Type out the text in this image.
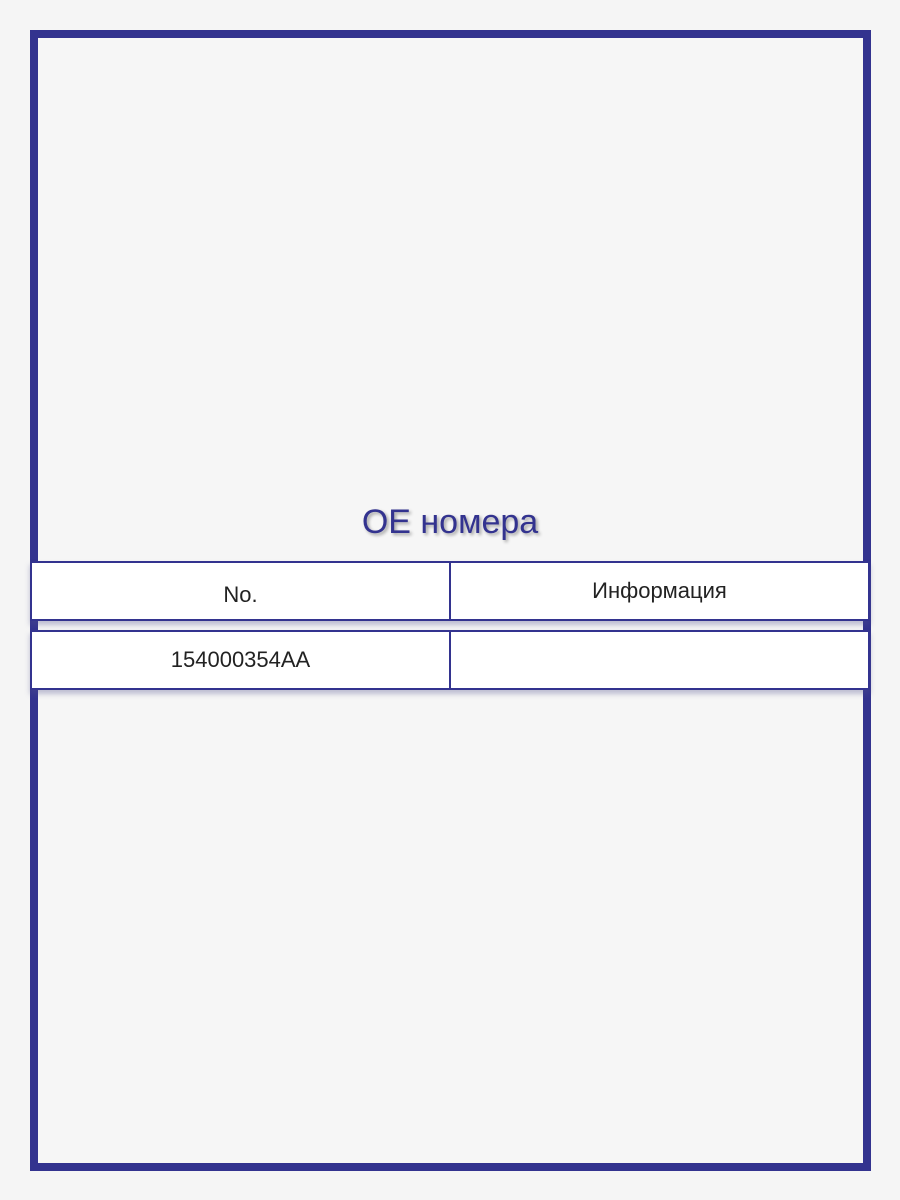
OE номера
No.	Информация
154000354AA
